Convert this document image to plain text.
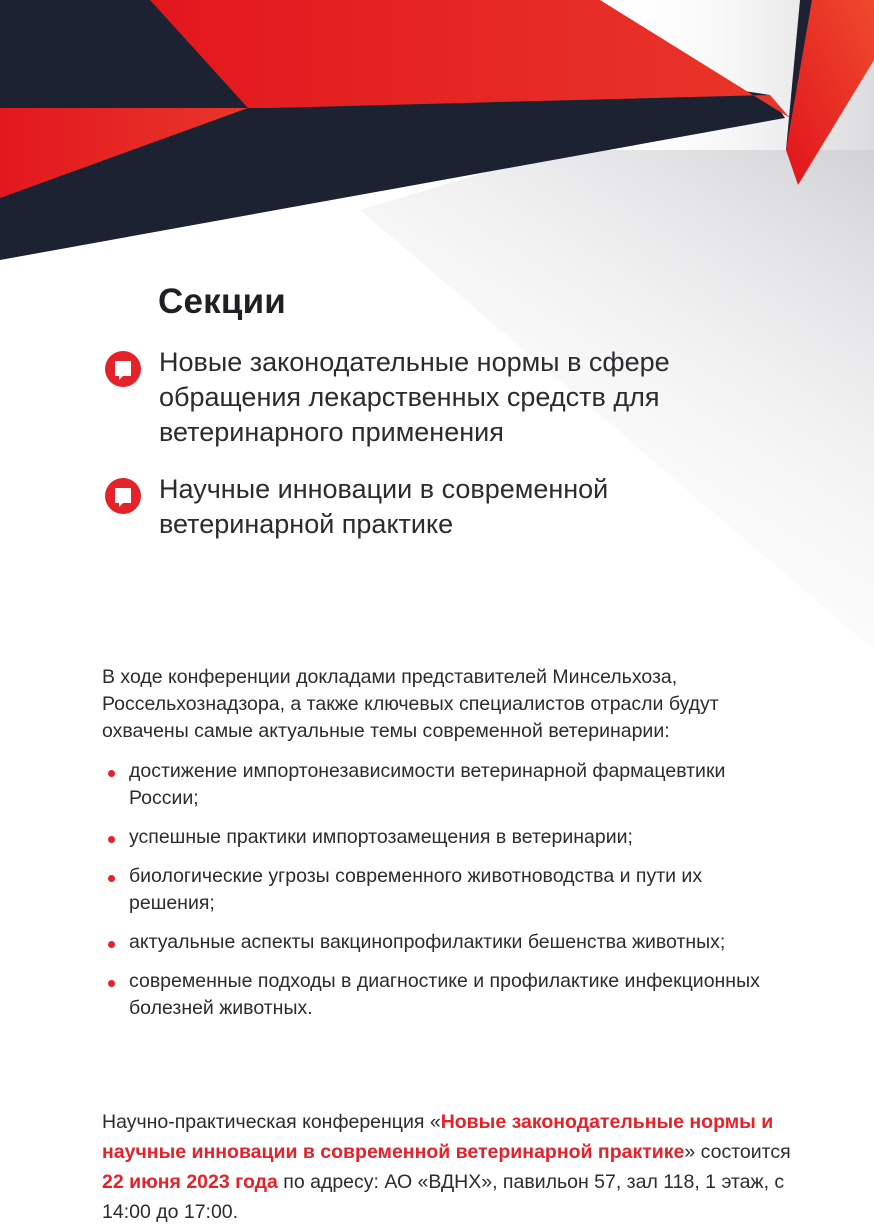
Секции
Новые законодательные нормы в сфере обращения лекарственных средств для ветеринарного применения
Научные инновации в современной ветеринарной практике

В ходе конференции докладами представителей Минсельхоза, Россельхознадзора, а также ключевых специалистов отрасли будут охвачены самые актуальные темы современной ветеринарии:

достижение импортонезависимости ветеринарной фармацевтики России;
успешные практики импортозамещения в ветеринарии;
биологические угрозы современного животноводства и пути их решения;
актуальные аспекты вакцинопрофилактики бешенства животных;
современные подходы в диагностике и профилактике инфекционных болезней животных.

Научно-практическая конференция «Новые законодательные нормы и научные инновации в современной ветеринарной практике» состоится 22 июня 2023 года по адресу: АО «ВДНХ», павильон 57, зал 118, 1 этаж, с 14:00 до 17:00.
